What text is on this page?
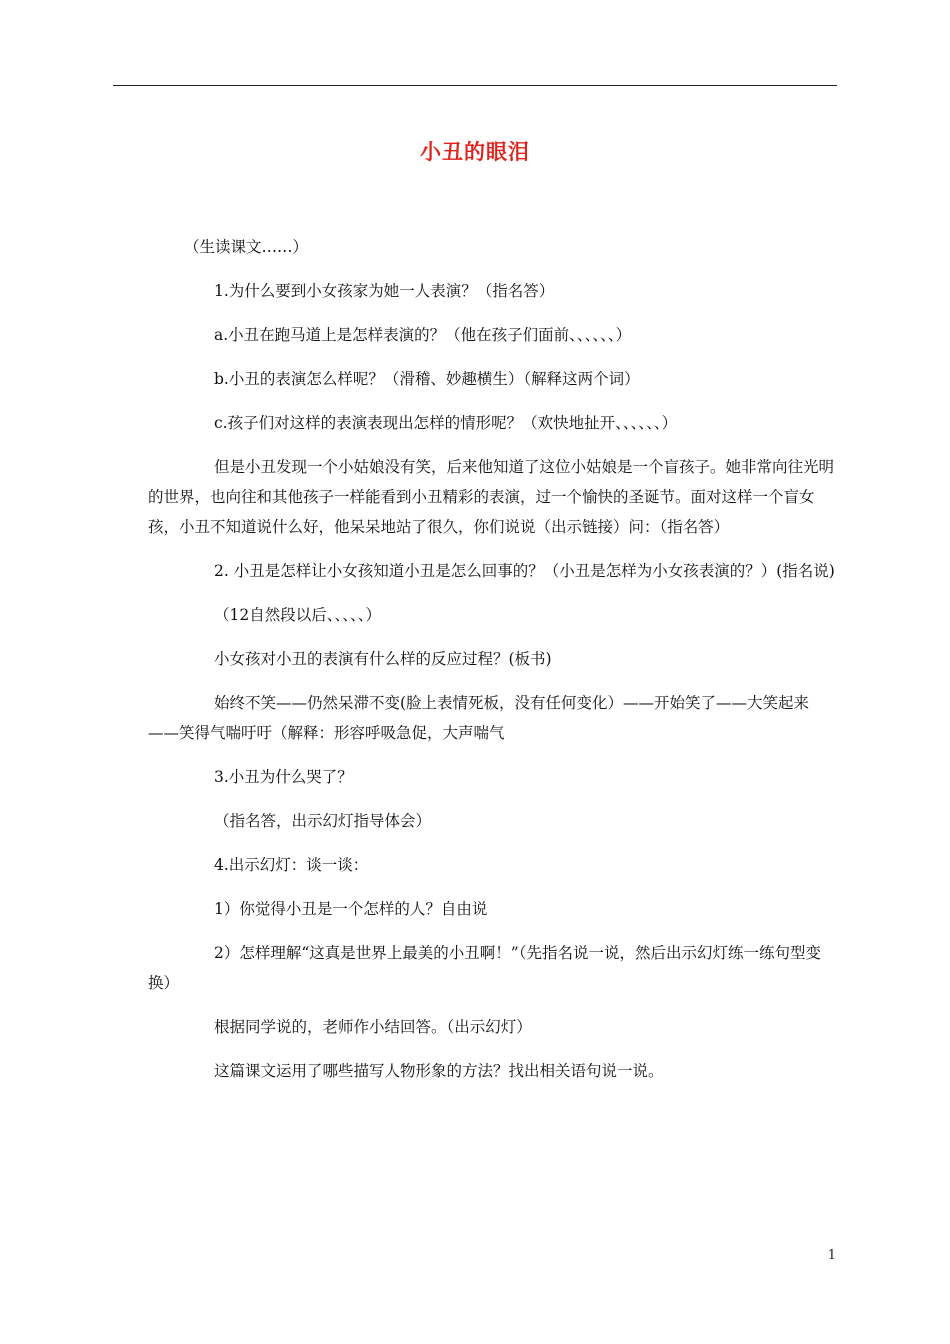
小丑的眼泪

（生读课文……）

1.为什么要到小女孩家为她一人表演？（指名答）

a.小丑在跑马道上是怎样表演的？（他在孩子们面前、、、、、、）

b.小丑的表演怎么样呢？（滑稽、妙趣横生）（解释这两个词）

c.孩子们对这样的表演表现出怎样的情形呢？（欢快地扯开、、、、、、）

但是小丑发现一个小姑娘没有笑，后来他知道了这位小姑娘是一个盲孩子。她非常向往光明的世界，也向往和其他孩子一样能看到小丑精彩的表演，过一个愉快的圣诞节。面对这样一个盲女孩，小丑不知道说什么好，他呆呆地站了很久，你们说说（出示链接）问：（指名答）

2. 小丑是怎样让小女孩知道小丑是怎么回事的？（小丑是怎样为小女孩表演的？）(指名说)

（12自然段以后、、、、、）

小女孩对小丑的表演有什么样的反应过程？(板书)

始终不笑——仍然呆滞不变(脸上表情死板，没有任何变化）——开始笑了——大笑起来——笑得气喘吁吁（解释：形容呼吸急促，大声喘气

3.小丑为什么哭了？

（指名答，出示幻灯指导体会）

4.出示幻灯：谈一谈：

1）你觉得小丑是一个怎样的人？自由说

2）怎样理解“这真是世界上最美的小丑啊！”（先指名说一说，然后出示幻灯练一练句型变换）

根据同学说的，老师作小结回答。（出示幻灯）

这篇课文运用了哪些描写人物形象的方法？找出相关语句说一说。

1
